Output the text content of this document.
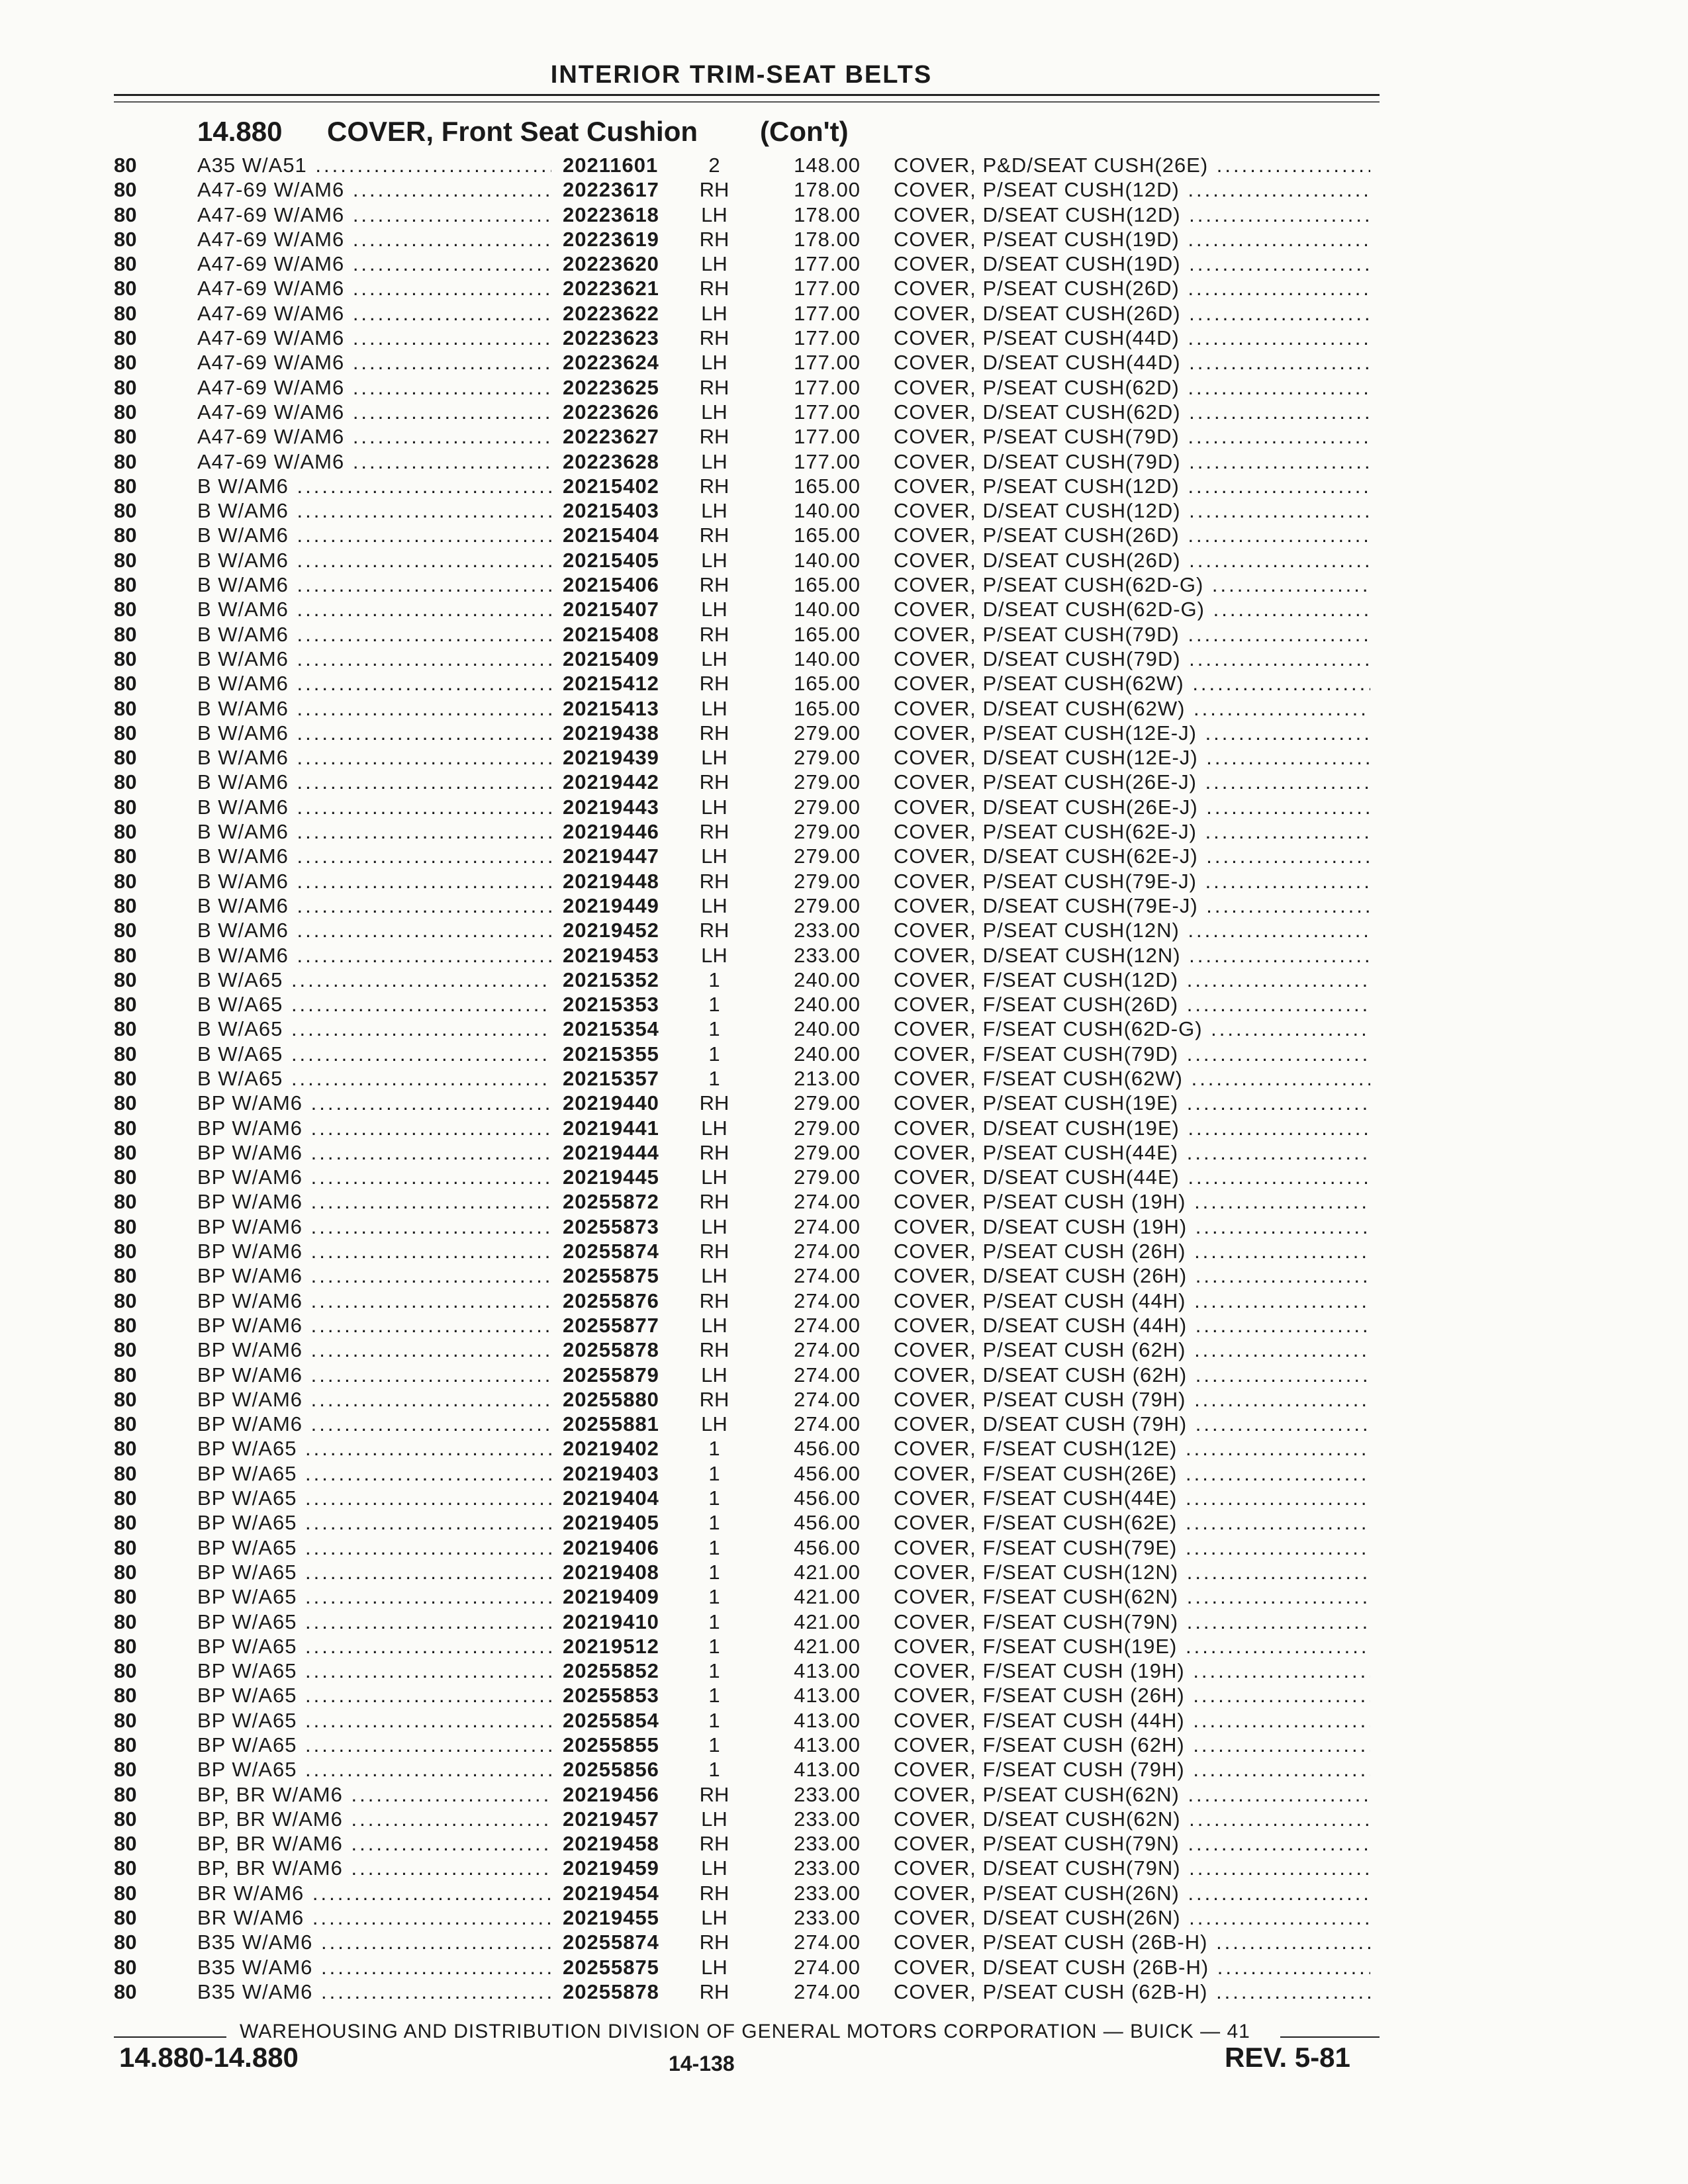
INTERIOR TRIM-SEAT BELTS
14.880 COVER, Front Seat Cushion (Con't)
80	A35 W/A51 .....	20211601	2	148.00 COVER, P&D/SEAT CUSH(26E) .....
80	A47-69 W/AM6 .....	20223617 RH	178.00 COVER, P/SEAT CUSH(12D) .....
80	A47-69 W/AM6 .....	20223618 LH	178.00 COVER, D/SEAT CUSH(12D) .....
80	A47-69 W/AM6 .....	20223619 RH	178.00 COVER, P/SEAT CUSH(19D) .....
80	A47-69 W/AM6 .....	20223620 LH	177.00 COVER, D/SEAT CUSH(19D) .....
80	A47-69 W/AM6 .....	20223621 RH	177.00 COVER, P/SEAT CUSH(26D) .....
80	A47-69 W/AM6 .....	20223622 LH	177.00 COVER, D/SEAT CUSH(26D) .....
80	A47-69 W/AM6 .....	20223623 RH	177.00 COVER, P/SEAT CUSH(44D) .....
80	A47-69 W/AM6 .....	20223624 LH	177.00 COVER, D/SEAT CUSH(44D) .....
80	A47-69 W/AM6 .....	20223625 RH	177.00 COVER, P/SEAT CUSH(62D) .....
80	A47-69 W/AM6 .....	20223626 LH	177.00 COVER, D/SEAT CUSH(62D) .....
80	A47-69 W/AM6 .....	20223627 RH	177.00 COVER, P/SEAT CUSH(79D) .....
80	A47-69 W/AM6 .....	20223628 LH	177.00 COVER, D/SEAT CUSH(79D) .....
80	B W/AM6 .....	20215402 RH	165.00 COVER, P/SEAT CUSH(12D) .....
80	B W/AM6 .....	20215403 LH	140.00 COVER, D/SEAT CUSH(12D) .....
80	B W/AM6 .....	20215404 RH	165.00 COVER, P/SEAT CUSH(26D) .....
80	B W/AM6 .....	20215405 LH	140.00 COVER, D/SEAT CUSH(26D) .....
80	B W/AM6 .....	20215406 RH	165.00 COVER, P/SEAT CUSH(62D-G) .....
80	B W/AM6 .....	20215407 LH	140.00 COVER, D/SEAT CUSH(62D-G) .....
80	B W/AM6 .....	20215408 RH	165.00 COVER, P/SEAT CUSH(79D) .....
80	B W/AM6 .....	20215409 LH	140.00 COVER, D/SEAT CUSH(79D) .....
80	B W/AM6 .....	20215412 RH	165.00 COVER, P/SEAT CUSH(62W) .....
80	B W/AM6 .....	20215413 LH	165.00 COVER, D/SEAT CUSH(62W) .....
80	B W/AM6 .....	20219438 RH	279.00 COVER, P/SEAT CUSH(12E-J) .....
80	B W/AM6 .....	20219439 LH	279.00 COVER, D/SEAT CUSH(12E-J) .....
80	B W/AM6 .....	20219442 RH	279.00 COVER, P/SEAT CUSH(26E-J) .....
80	B W/AM6 .....	20219443 LH	279.00 COVER, D/SEAT CUSH(26E-J) .....
80	B W/AM6 .....	20219446 RH	279.00 COVER, P/SEAT CUSH(62E-J) .....
80	B W/AM6 .....	20219447 LH	279.00 COVER, D/SEAT CUSH(62E-J) .....
80	B W/AM6 .....	20219448 RH	279.00 COVER, P/SEAT CUSH(79E-J) .....
80	B W/AM6 .....	20219449 LH	279.00 COVER, D/SEAT CUSH(79E-J) .....
80	B W/AM6 .....	20219452 RH	233.00 COVER, P/SEAT CUSH(12N) .....
80	B W/AM6 .....	20219453 LH	233.00 COVER, D/SEAT CUSH(12N) .....
80	B W/A65 .....	20215352	1	240.00 COVER, F/SEAT CUSH(12D) .....
80	B W/A65 .....	20215353	1	240.00 COVER, F/SEAT CUSH(26D) .....
80	B W/A65 .....	20215354	1	240.00 COVER, F/SEAT CUSH(62D-G) .....
80	B W/A65 .....	20215355	1	240.00 COVER, F/SEAT CUSH(79D) .....
80	B W/A65 .....	20215357	1	213.00 COVER, F/SEAT CUSH(62W) .....
80	BP W/AM6 .....	20219440 RH	279.00 COVER, P/SEAT CUSH(19E) .....
80	BP W/AM6 .....	20219441 LH	279.00 COVER, D/SEAT CUSH(19E) .....
80	BP W/AM6 .....	20219444 RH	279.00 COVER, P/SEAT CUSH(44E) .....
80	BP W/AM6 .....	20219445 LH	279.00 COVER, D/SEAT CUSH(44E) .....
80	BP W/AM6 .....	20255872 RH	274.00 COVER, P/SEAT CUSH (19H) .....
80	BP W/AM6 .....	20255873 LH	274.00 COVER, D/SEAT CUSH (19H) .....
80	BP W/AM6 .....	20255874 RH	274.00 COVER, P/SEAT CUSH (26H) .....
80	BP W/AM6 .....	20255875 LH	274.00 COVER, D/SEAT CUSH (26H) .....
80	BP W/AM6 .....	20255876 RH	274.00 COVER, P/SEAT CUSH (44H) .....
80	BP W/AM6 .....	20255877 LH	274.00 COVER, D/SEAT CUSH (44H) .....
80	BP W/AM6 .....	20255878 RH	274.00 COVER, P/SEAT CUSH (62H) .....
80	BP W/AM6 .....	20255879 LH	274.00 COVER, D/SEAT CUSH (62H) .....
80	BP W/AM6 .....	20255880 RH	274.00 COVER, P/SEAT CUSH (79H) .....
80	BP W/AM6 .....	20255881 LH	274.00 COVER, D/SEAT CUSH (79H) .....
80	BP W/A65 .....	20219402	1	456.00 COVER, F/SEAT CUSH(12E) .....
80	BP W/A65 .....	20219403	1	456.00 COVER, F/SEAT CUSH(26E) .....
80	BP W/A65 .....	20219404	1	456.00 COVER, F/SEAT CUSH(44E) .....
80	BP W/A65 .....	20219405	1	456.00 COVER, F/SEAT CUSH(62E) .....
80	BP W/A65 .....	20219406	1	456.00 COVER, F/SEAT CUSH(79E) .....
80	BP W/A65 .....	20219408	1	421.00 COVER, F/SEAT CUSH(12N) .....
80	BP W/A65 .....	20219409	1	421.00 COVER, F/SEAT CUSH(62N) .....
80	BP W/A65 .....	20219410	1	421.00 COVER, F/SEAT CUSH(79N) .....
80	BP W/A65 .....	20219512	1	421.00 COVER, F/SEAT CUSH(19E) .....
80	BP W/A65 .....	20255852	1	413.00 COVER, F/SEAT CUSH (19H) .....
80	BP W/A65 .....	20255853	1	413.00 COVER, F/SEAT CUSH (26H) .....
80	BP W/A65 .....	20255854	1	413.00 COVER, F/SEAT CUSH (44H) .....
80	BP W/A65 .....	20255855	1	413.00 COVER, F/SEAT CUSH (62H) .....
80	BP W/A65 .....	20255856	1	413.00 COVER, F/SEAT CUSH (79H) .....
80	BP, BR W/AM6 .....	20219456 RH	233.00 COVER, P/SEAT CUSH(62N) .....
80	BP, BR W/AM6 .....	20219457 LH	233.00 COVER, D/SEAT CUSH(62N) .....
80	BP, BR W/AM6 .....	20219458 RH	233.00 COVER, P/SEAT CUSH(79N) .....
80	BP, BR W/AM6 .....	20219459 LH	233.00 COVER, D/SEAT CUSH(79N) .....
80	BR W/AM6 .....	20219454 RH	233.00 COVER, P/SEAT CUSH(26N) .....
80	BR W/AM6 .....	20219455 LH	233.00 COVER, D/SEAT CUSH(26N) .....
80	B35 W/AM6 .....	20255874 RH	274.00 COVER, P/SEAT CUSH (26B-H) .....
80	B35 W/AM6 .....	20255875 LH	274.00 COVER, D/SEAT CUSH (26B-H) .....
80	B35 W/AM6 .....	20255878 RH	274.00 COVER, P/SEAT CUSH (62B-H) .....
WAREHOUSING AND DISTRIBUTION DIVISION OF GENERAL MOTORS CORPORATION — BUICK — 41
14.880-14.880	14-138	REV. 5-81
